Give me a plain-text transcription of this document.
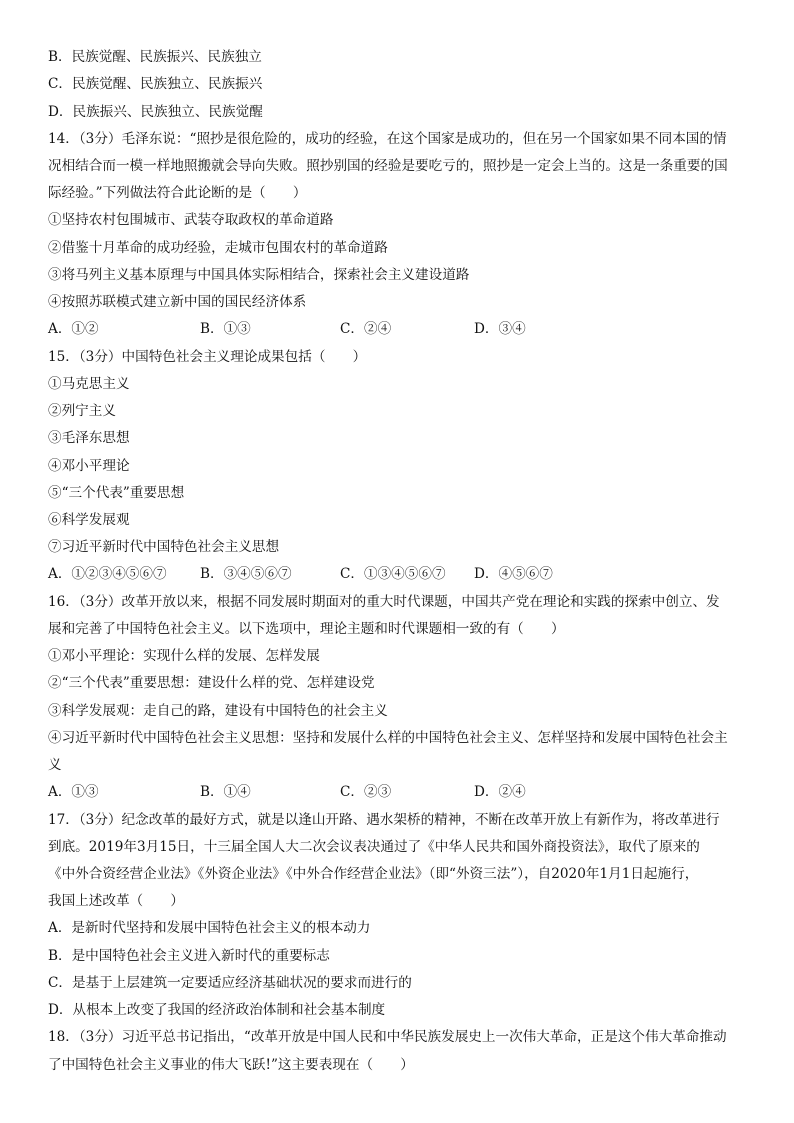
B．民族觉醒、民族振兴、民族独立
C．民族觉醒、民族独立、民族振兴
D．民族振兴、民族独立、民族觉醒
14．（3分）毛泽东说：“照抄是很危险的，成功的经验，在这个国家是成功的，但在另一个国家如果不同本国的情
况相结合而一模一样地照搬就会导向失败。照抄别国的经验是要吃亏的，照抄是一定会上当的。这是一条重要的国
际经验。”下列做法符合此论断的是（　　）
①坚持农村包围城市、武装夺取政权的革命道路
②借鉴十月革命的成功经验，走城市包围农村的革命道路
③将马列主义基本原理与中国具体实际相结合，探索社会主义建设道路
④按照苏联模式建立新中国的国民经济体系
A．①②	B．①③	C．②④	D．③④
15．（3分）中国特色社会主义理论成果包括（　　）
①马克思主义
②列宁主义
③毛泽东思想
④邓小平理论
⑤“三个代表”重要思想
⑥科学发展观
⑦习近平新时代中国特色社会主义思想
A．①②③④⑤⑥⑦ B．③④⑤⑥⑦	C．①③④⑤⑥⑦ D．④⑤⑥⑦
16．（3分）改革开放以来，根据不同发展时期面对的重大时代课题，中国共产党在理论和实践的探索中创立、发
展和完善了中国特色社会主义。以下选项中，理论主题和时代课题相一致的有（　　）
①邓小平理论：实现什么样的发展、怎样发展
②“三个代表”重要思想：建设什么样的党、怎样建设党
③科学发展观：走自己的路，建设有中国特色的社会主义
④习近平新时代中国特色社会主义思想：坚持和发展什么样的中国特色社会主义、怎样坚持和发展中国特色社会主
义
A．①③	B．①④	C．②③	D．②④
17．（3分）纪念改革的最好方式，就是以逢山开路、遇水架桥的精神，不断在改革开放上有新作为，将改革进行
到底。2019年3月15日，十三届全国人大二次会议表决通过了《中华人民共和国外商投资法》，取代了原来的
《中外合资经营企业法》《外资企业法》《中外合作经营企业法》（即“外资三法”），自2020年1月1日起施行，
我国上述改革（　　）
A．是新时代坚持和发展中国特色社会主义的根本动力
B．是中国特色社会主义进入新时代的重要标志
C．是基于上层建筑一定要适应经济基础状况的要求而进行的
D．从根本上改变了我国的经济政治体制和社会基本制度
18．（3分）习近平总书记指出，“改革开放是中国人民和中华民族发展史上一次伟大革命，正是这个伟大革命推动
了中国特色社会主义事业的伟大飞跃!”这主要表现在（　　）
